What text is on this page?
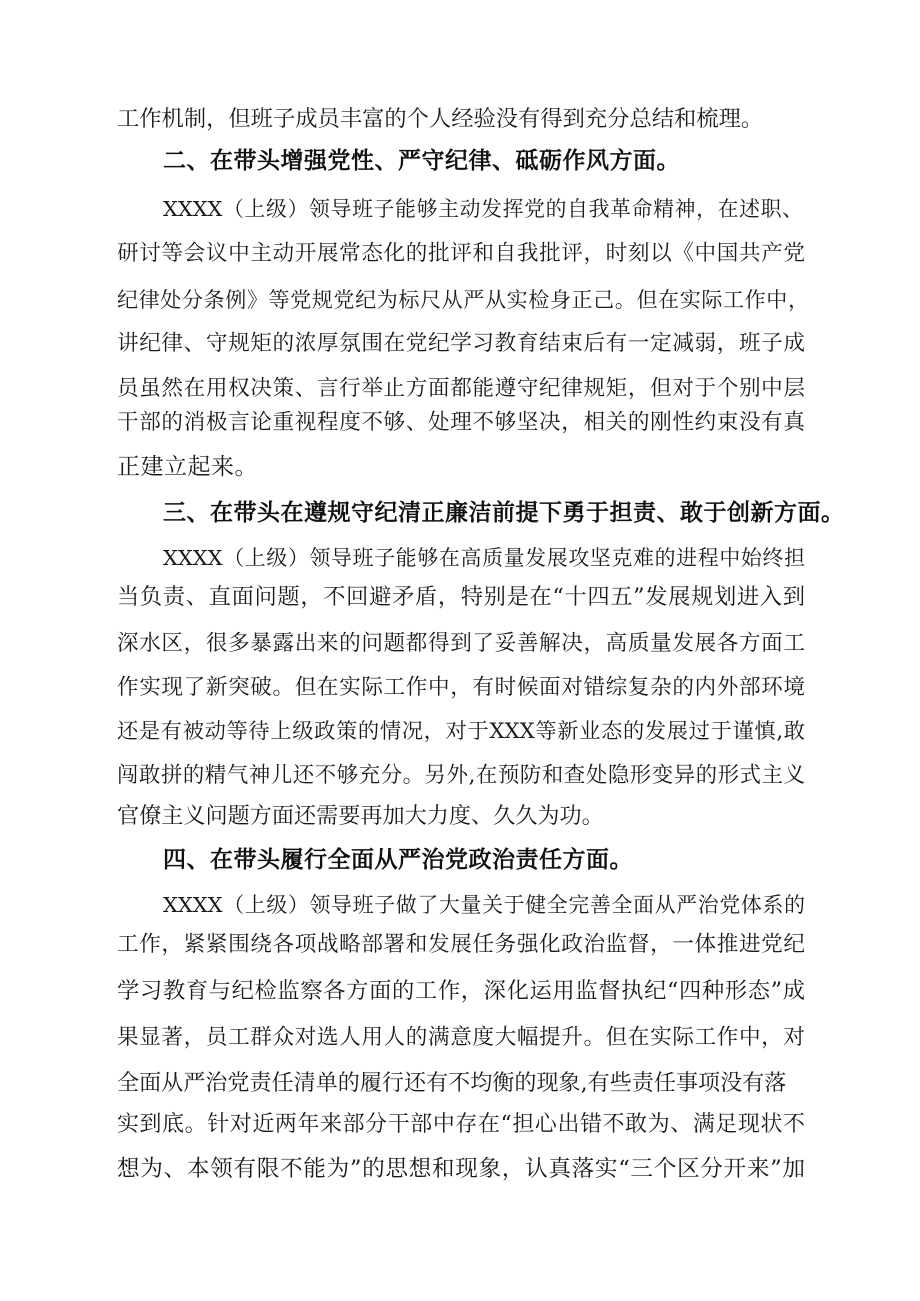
工作机制，但班子成员丰富的个人经验没有得到充分总结和梳理。
二、在带头增强党性、严守纪律、砥砺作风方面。
XXXX（上级）领导班子能够主动发挥党的自我革命精神，在述职、
研讨等会议中主动开展常态化的批评和自我批评，时刻以《中国共产党
纪律处分条例》等党规党纪为标尺从严从实检身正己。但在实际工作中，
讲纪律、守规矩的浓厚氛围在党纪学习教育结束后有一定减弱，班子成
员虽然在用权决策、言行举止方面都能遵守纪律规矩，但对于个别中层
干部的消极言论重视程度不够、处理不够坚决，相关的刚性约束没有真
正建立起来。
三、在带头在遵规守纪清正廉洁前提下勇于担责、敢于创新方面。
XXXX（上级）领导班子能够在高质量发展攻坚克难的进程中始终担
当负责、直面问题，不回避矛盾，特别是在“十四五”发展规划进入到
深水区，很多暴露出来的问题都得到了妥善解决，高质量发展各方面工
作实现了新突破。但在实际工作中，有时候面对错综复杂的内外部环境
还是有被动等待上级政策的情况，对于XXX等新业态的发展过于谨慎,敢
闯敢拼的精气神儿还不够充分。另外,在预防和查处隐形变异的形式主义
官僚主义问题方面还需要再加大力度、久久为功。
四、在带头履行全面从严治党政治责任方面。
XXXX（上级）领导班子做了大量关于健全完善全面从严治党体系的
工作，紧紧围绕各项战略部署和发展任务强化政治监督，一体推进党纪
学习教育与纪检监察各方面的工作，深化运用监督执纪“四种形态”成
果显著，员工群众对选人用人的满意度大幅提升。但在实际工作中，对
全面从严治党责任清单的履行还有不均衡的现象,有些责任事项没有落
实到底。针对近两年来部分干部中存在“担心出错不敢为、满足现状不
想为、本领有限不能为”的思想和现象，认真落实“三个区分开来”加
